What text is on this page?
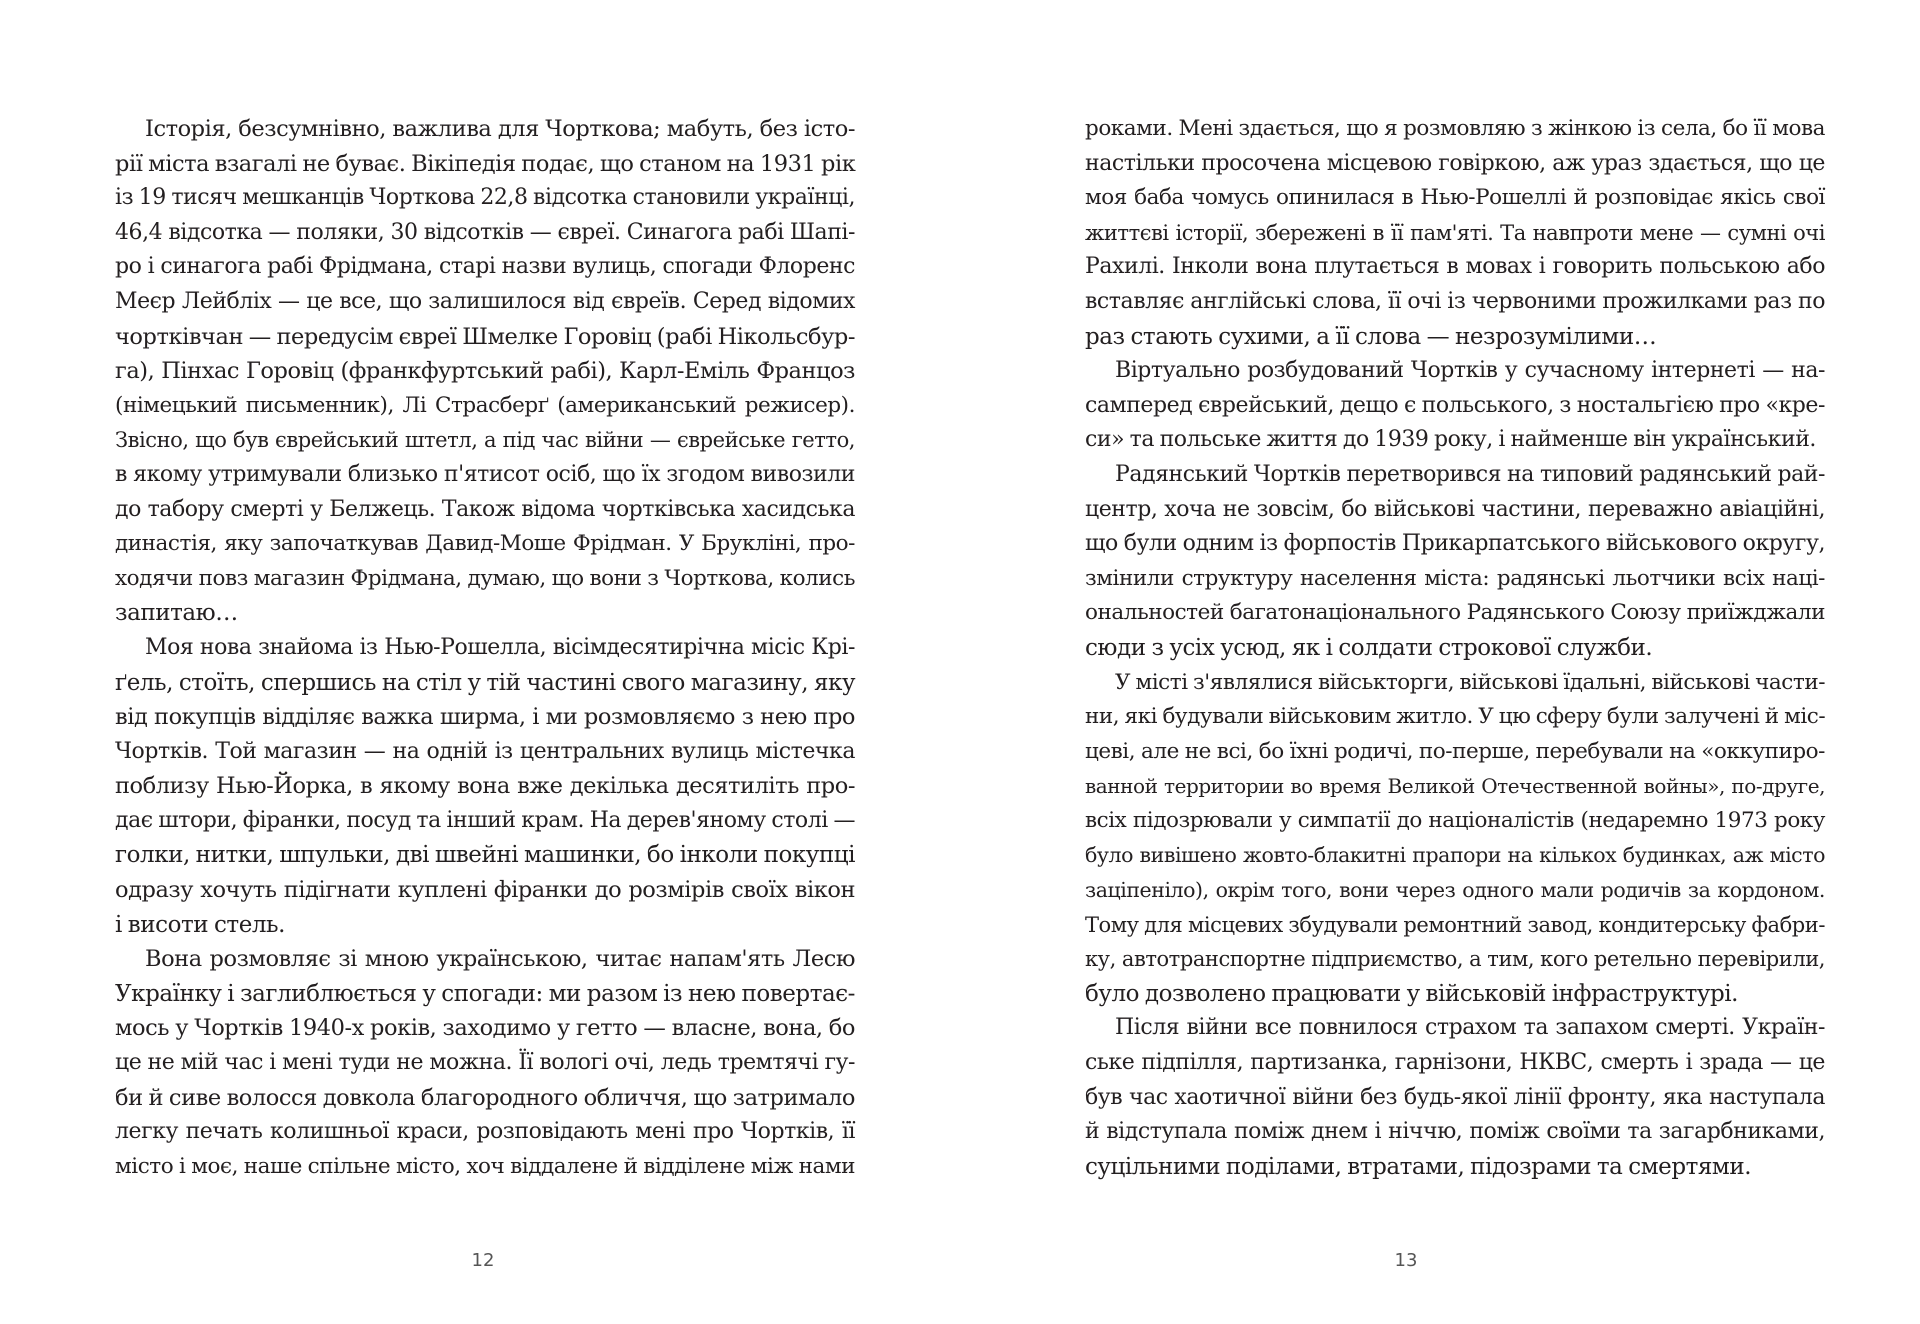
Історія, безсумнівно, важлива для Чорткова; мабуть, без істо-
рії міста взагалі не буває. Вікіпедія подає, що станом на 1931 рік
із 19 тисяч мешканців Чорткова 22,8 відсотка становили українці,
46,4 відсотка — поляки, 30 відсотків — євреї. Синагога рабі Шапі-
ро і синагога рабі Фрідмана, старі назви вулиць, спогади Флоренс
Меєр Лейбліх — це все, що залишилося від євреїв. Серед відомих
чортківчан — передусім євреї Шмелке Горовіц (рабі Нікольсбур-
га), Пінхас Горовіц (франкфуртський рабі), Карл-Еміль Францоз
(німецький письменник), Лі Страсберґ (американський режисер).
Звісно, що був єврейський штетл, а під час війни — єврейське гетто,
в якому утримували близько п'ятисот осіб, що їх згодом вивозили
до табору смерті у Белжець. Також відома чортківська хасидська
династія, яку започаткував Давид-Моше Фрідман. У Брукліні, про-
ходячи повз магазин Фрідмана, думаю, що вони з Чорткова, колись
запитаю…
Моя нова знайома із Нью-Рошелла, вісімдесятирічна місіс Крі-
ґель, стоїть, спершись на стіл у тій частині свого магазину, яку
від покупців відділяє важка ширма, і ми розмовляємо з нею про
Чортків. Той магазин — на одній із центральних вулиць містечка
поблизу Нью-Йорка, в якому вона вже декілька десятиліть про-
дає штори, фіранки, посуд та інший крам. На дерев'яному столі —
голки, нитки, шпульки, дві швейні машинки, бо інколи покупці
одразу хочуть підігнати куплені фіранки до розмірів своїх вікон
і висоти стель.
Вона розмовляє зі мною українською, читає напам'ять Лесю
Українку і заглиблюється у спогади: ми разом із нею повертає-
мось у Чортків 1940-х років, заходимо у гетто — власне, вона, бо
це не мій час і мені туди не можна. Її вологі очі, ледь тремтячі гу-
би й сиве волосся довкола благородного обличчя, що затримало
легку печать колишньої краси, розповідають мені про Чортків, її
місто і моє, наше спільне місто, хоч віддалене й відділене між нами
12
роками. Мені здається, що я розмовляю з жінкою із села, бо її мова
настільки просочена місцевою говіркою, аж ураз здається, що це
моя баба чомусь опинилася в Нью-Рошеллі й розповідає якісь свої
життєві історії, збережені в її пам'яті. Та навпроти мене — сумні очі
Рахилі. Інколи вона плутається в мовах і говорить польською або
вставляє англійські слова, її очі із червоними прожилками раз по
раз стають сухими, а її слова — незрозумілими…
Віртуально розбудований Чортків у сучасному інтернеті — на-
самперед єврейський, дещо є польського, з ностальгією про «кре-
си» та польське життя до 1939 року, і найменше він український.
Радянський Чортків перетворився на типовий радянський рай-
центр, хоча не зовсім, бо військові частини, переважно авіаційні,
що були одним із форпостів Прикарпатського військового округу,
змінили структуру населення міста: радянські льотчики всіх наці-
ональностей багатонаціонального Радянського Союзу приїжджали
сюди з усіх усюд, як і солдати строкової служби.
У місті з'являлися військторги, військові їдальні, військові части-
ни, які будували військовим житло. У цю сферу були залучені й міс-
цеві, але не всі, бо їхні родичі, по-перше, перебували на «оккупиро-
ванной территории во время Великой Отечественной войны», по-друге,
всіх підозрювали у симпатії до націоналістів (недаремно 1973 року
було вивішено жовто-блакитні прапори на кількох будинках, аж місто
заціпеніло), окрім того, вони через одного мали родичів за кордоном.
Тому для місцевих збудували ремонтний завод, кондитерську фабри-
ку, автотранспортне підприємство, а тим, кого ретельно перевірили,
було дозволено працювати у військовій інфраструктурі.
Після війни все повнилося страхом та запахом смерті. Україн-
ське підпілля, партизанка, гарнізони, НКВС, смерть і зрада — це
був час хаотичної війни без будь-якої лінії фронту, яка наступала
й відступала поміж днем і ніччю, поміж своїми та загарбниками,
суцільними поділами, втратами, підозрами та смертями.
13
